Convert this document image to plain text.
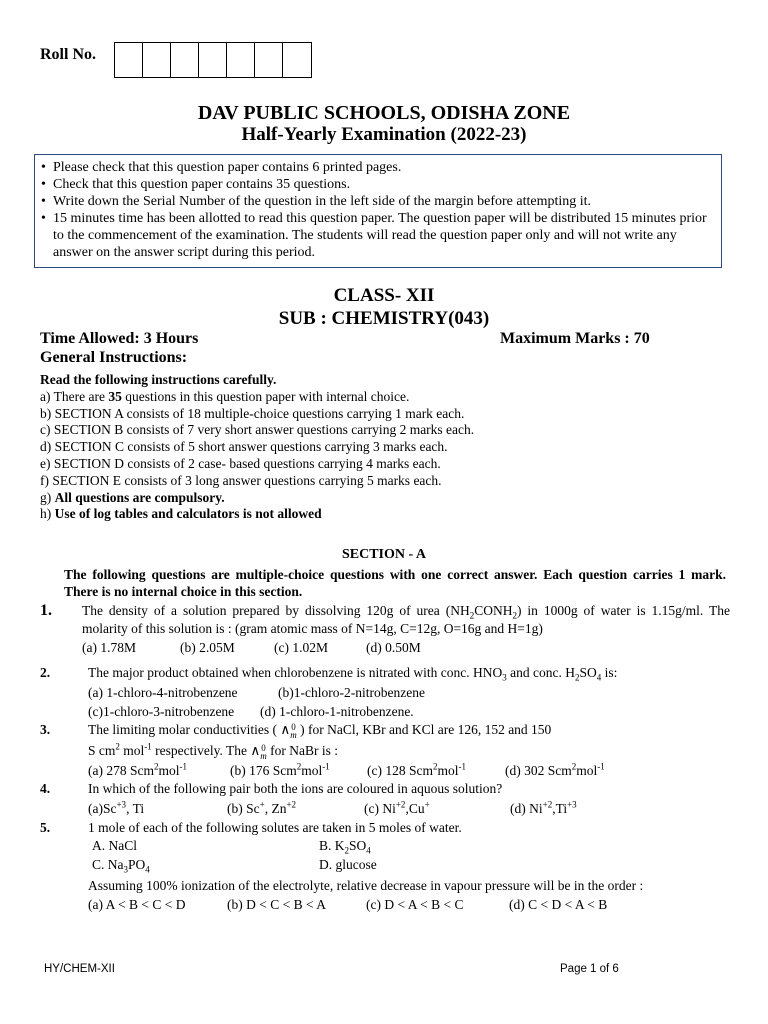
Roll No.
DAV PUBLIC SCHOOLS, ODISHA ZONE
Half-Yearly Examination (2022-23)
• Please check that this question paper contains 6 printed pages.
• Check that this question paper contains 35 questions.
• Write down the Serial Number of the question in the left side of the margin before attempting it.
• 15 minutes time has been allotted to read this question paper. The question paper will be distributed 15 minutes prior to the commencement of the examination. The students will read the question paper only and will not write any answer on the answer script during this period.
CLASS- XII
SUB : CHEMISTRY(043)
Time Allowed: 3 Hours	Maximum Marks : 70
General Instructions:
Read the following instructions carefully.
a) There are 35 questions in this question paper with internal choice.
b) SECTION A consists of 18 multiple-choice questions carrying 1 mark each.
c) SECTION B consists of 7 very short answer questions carrying 2 marks each.
d) SECTION C consists of 5 short answer questions carrying 3 marks each.
e) SECTION D consists of 2 case- based questions carrying 4 marks each.
f) SECTION E consists of 3 long answer questions carrying 5 marks each.
g) All questions are compulsory.
h) Use of log tables and calculators is not allowed
SECTION - A
The following questions are multiple-choice questions with one correct answer. Each question carries 1 mark. There is no internal choice in this section.
1. The density of a solution prepared by dissolving 120g of urea $(NH_2CONH_2)$ in 1000g of water is 1.15g/ml. The molarity of this solution is : (gram atomic mass of N=14g, C=12g, O=16g and H=1g)
(a) 1.78M	(b) 2.05M	(c) 1.02M	(d) 0.50M
2.	The major product obtained when chlorobenzene is nitrated with conc. $HNO_3$ and conc. $H_2SO_4$ is:
(a) 1-chloro-4-nitrobenzene	(b)1-chloro-2-nitrobenzene
(c)1-chloro-3-nitrobenzene	(d) 1-chloro-1-nitrobenzene.
3.	The limiting molar conductivities ( ∧ 0
m ) for NaCl, KBr and KCl are 126, 152 and 150
S $cm^2$ mol$^{-1}$ respectively. The ∧ 0
m for NaBr is :
(a) 278 Scm$^2$mol$^{-1}$	(b) 176 Scm$^2$mol$^{-1}$	(c) 128 Scm$^2$mol$^{-1}$	(d) 302 Scm$^2$mol$^{-1}$
4.	In which of the following pair both the ions are coloured in aquous solution?
$(a)Sc^{+3}$, Ti	(b) Sc+, $Zn^{+2}$	(c) $Ni^{+2},Cu^+$	(d) $Ni^{+2},Ti^{+3}$
5.	1 mole of each of the following solutes are taken in 5 moles of water.
A. NaCl	B. $K_2SO_4$
C. $Na_3PO_4$	D. glucose
Assuming 100% ionization of the electrolyte, relative decrease in vapour pressure will be in the order :
(a) A < B < C < D	(b) D < C < B < A	(c) D < A < B < C	(d) C < D < A < B
HY/CHEM-XII	Page 1 of 6
